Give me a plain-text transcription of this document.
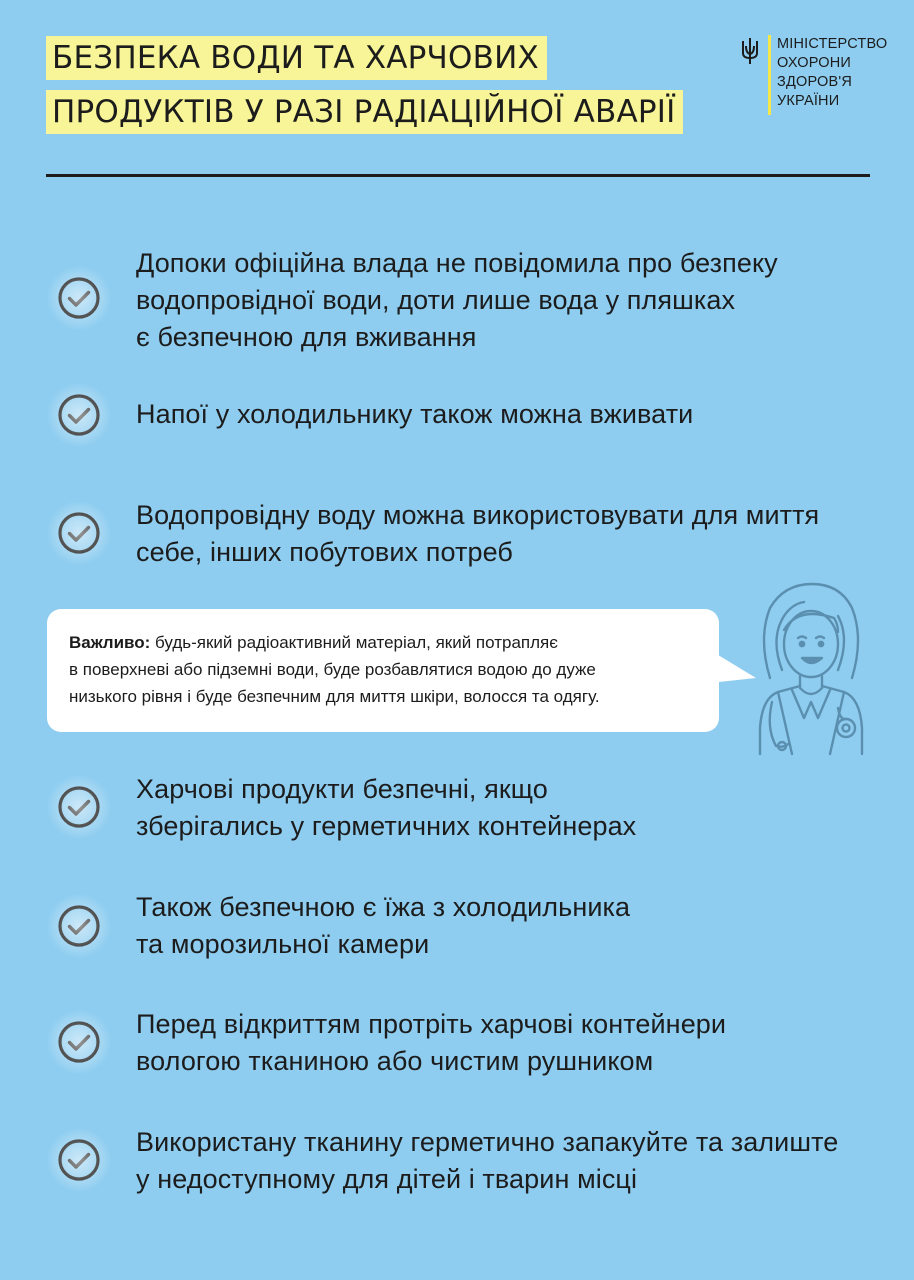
БЕЗПЕКА ВОДИ ТА ХАРЧОВИХ
ПРОДУКТІВ У РАЗІ РАДІАЦІЙНОЇ АВАРІЇ
МІНІСТЕРСТВО
ОХОРОНИ
ЗДОРОВ'Я
УКРАЇНИ
Допоки офіційна влада не повідомила про безпеку
водопровідної води, доти лише вода у пляшках
є безпечною для вживання
Напої у холодильнику також можна вживати
Водопровідну воду можна використовувати для миття
себе, інших побутових потреб
Важливо: будь-який радіоактивний матеріал, який потрапляє
в поверхневі або підземні води, буде розбавлятися водою до дуже
низького рівня і буде безпечним для миття шкіри, волосся та одягу.
Харчові продукти безпечні, якщо
зберігались у герметичних контейнерах
Також безпечною є їжа з холодильника
та морозильної камери
Перед відкриттям протріть харчові контейнери
вологою тканиною або чистим рушником
Використану тканину герметично запакуйте та залиште
у недоступному для дітей і тварин місці
